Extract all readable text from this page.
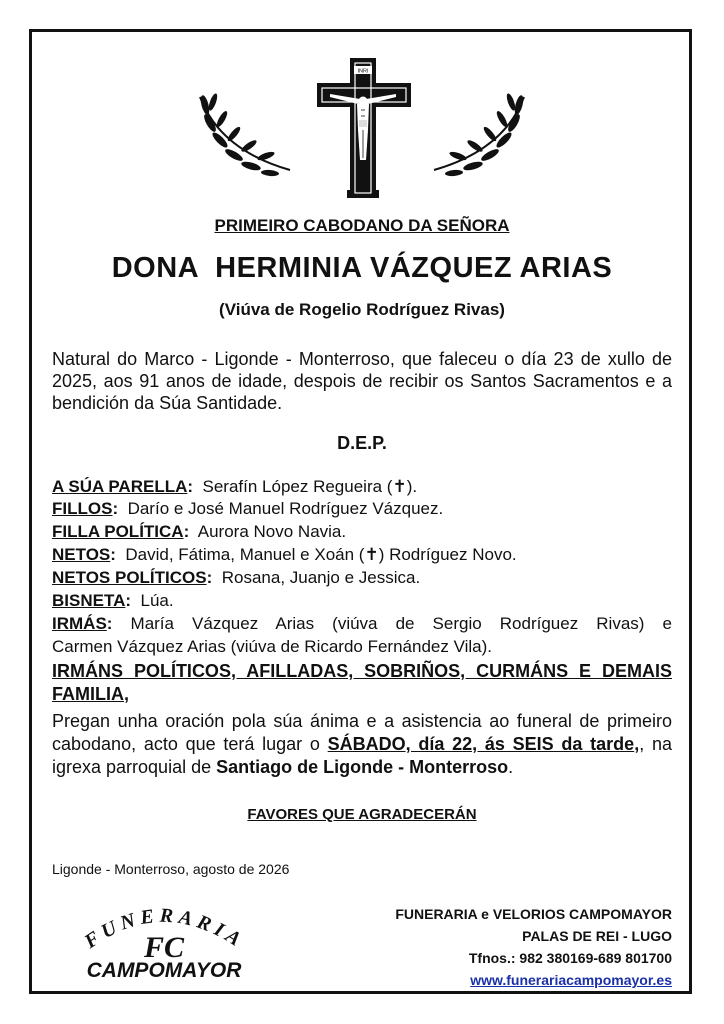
INRI
PRIMEIRO CABODANO DA SEÑORA
DONA  HERMINIA VÁZQUEZ ARIAS
(Viúva de Rogelio Rodríguez Rivas)
Natural do Marco - Ligonde - Monterroso, que faleceu o día 23 de xullo de 2025, aos 91 anos de idade, despois de recibir os Santos Sacramentos e a bendición da Súa Santidade.
D.E.P.
A SÚA PARELLA: Serafín López Regueira (✝).
FILLOS: Darío e José Manuel Rodríguez Vázquez.
FILLA POLÍTICA: Aurora Novo Navia.
NETOS: David, Fátima, Manuel e Xoán (✝) Rodríguez Novo.
NETOS POLÍTICOS: Rosana, Juanjo e Jessica.
BISNETA: Lúa.
IRMÁS: María Vázquez Arias (viúva de Sergio Rodríguez Rivas) e
Carmen Vázquez Arias (viúva de Ricardo Fernández Vila).
IRMÁNS POLÍTICOS, AFILLADAS, SOBRIÑOS, CURMÁNS E DEMAIS
FAMILIA,
Pregan unha oración pola súa ánima e a asistencia ao funeral de primeiro cabodano, acto que terá lugar o SÁBADO, día 22, ás SEIS da tarde,, na igrexa parroquial de Santiago de Ligonde - Monterroso.
FAVORES QUE AGRADECERÁN
Ligonde - Monterroso, agosto de 2026
FUNERARIA
FC
CAMPOMAYOR
FUNERARIA e VELORIOS CAMPOMAYOR
PALAS DE REI - LUGO
Tfnos.: 982 380169-689 801700
www.funerariacampomayor.es
